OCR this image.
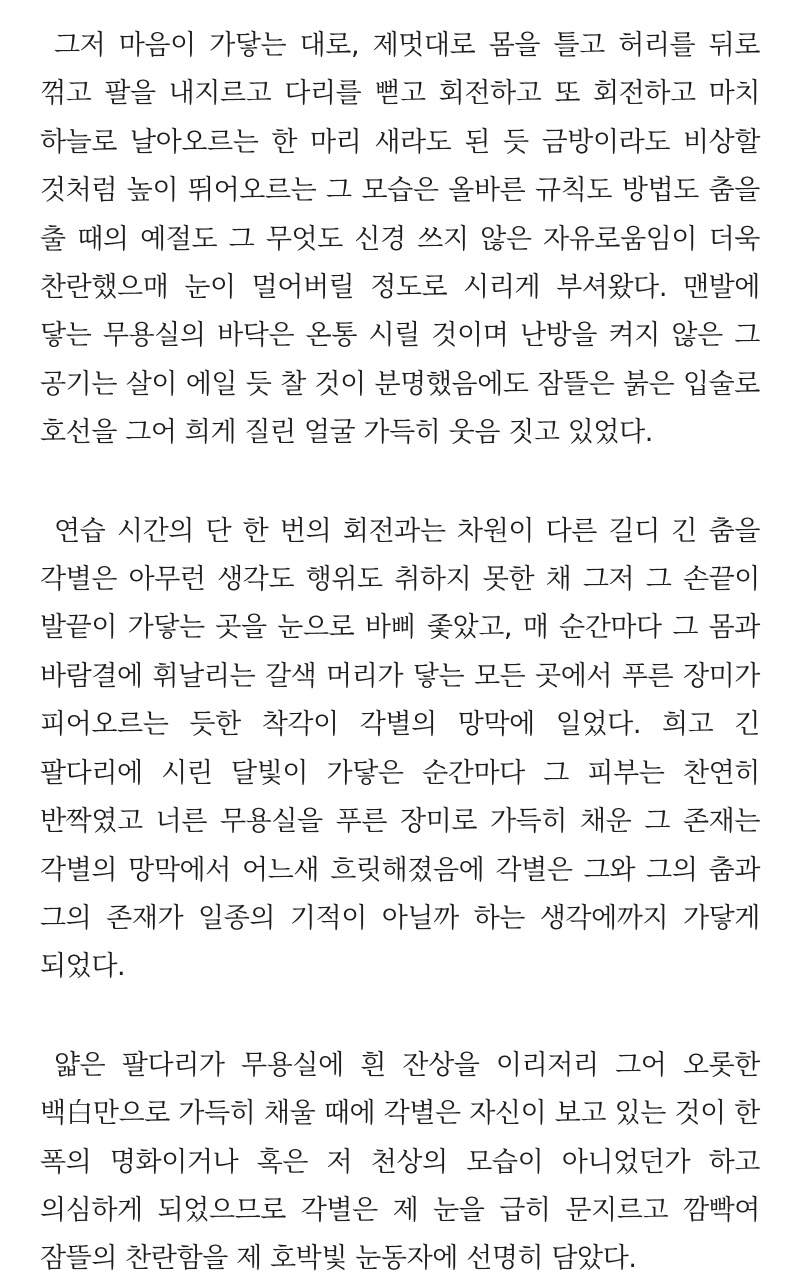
그저 마음이 가닿는 대로, 제멋대로 몸을 틀고 허리를 뒤로 꺾고 팔을 내지르고 다리를 뻗고 회전하고 또 회전하고 마치 하늘로 날아오르는 한 마리 새라도 된 듯 금방이라도 비상할 것처럼 높이 뛰어오르는 그 모습은 올바른 규칙도 방법도 춤을 출 때의 예절도 그 무엇도 신경 쓰지 않은 자유로움임이 더욱 찬란했으매 눈이 멀어버릴 정도로 시리게 부셔왔다. 맨발에 닿는 무용실의 바닥은 온통 시릴 것이며 난방을 켜지 않은 그 공기는 살이 에일 듯 찰 것이 분명했음에도 잠뜰은 붉은 입술로 호선을 그어 희게 질린 얼굴 가득히 웃음 짓고 있었다.

연습 시간의 단 한 번의 회전과는 차원이 다른 길디 긴 춤을 각별은 아무런 생각도 행위도 취하지 못한 채 그저 그 손끝이 발끝이 가닿는 곳을 눈으로 바삐 좇았고, 매 순간마다 그 몸과 바람결에 휘날리는 갈색 머리가 닿는 모든 곳에서 푸른 장미가 피어오르는 듯한 착각이 각별의 망막에 일었다. 희고 긴 팔다리에 시린 달빛이 가닿은 순간마다 그 피부는 찬연히 반짝였고 너른 무용실을 푸른 장미로 가득히 채운 그 존재는 각별의 망막에서 어느새 흐릿해졌음에 각별은 그와 그의 춤과 그의 존재가 일종의 기적이 아닐까 하는 생각에까지 가닿게 되었다.

얇은 팔다리가 무용실에 흰 잔상을 이리저리 그어 오롯한 백白만으로 가득히 채울 때에 각별은 자신이 보고 있는 것이 한 폭의 명화이거나 혹은 저 천상의 모습이 아니었던가 하고 의심하게 되었으므로 각별은 제 눈을 급히 문지르고 깜빡여 잠뜰의 찬란함을 제 호박빛 눈동자에 선명히 담았다.
